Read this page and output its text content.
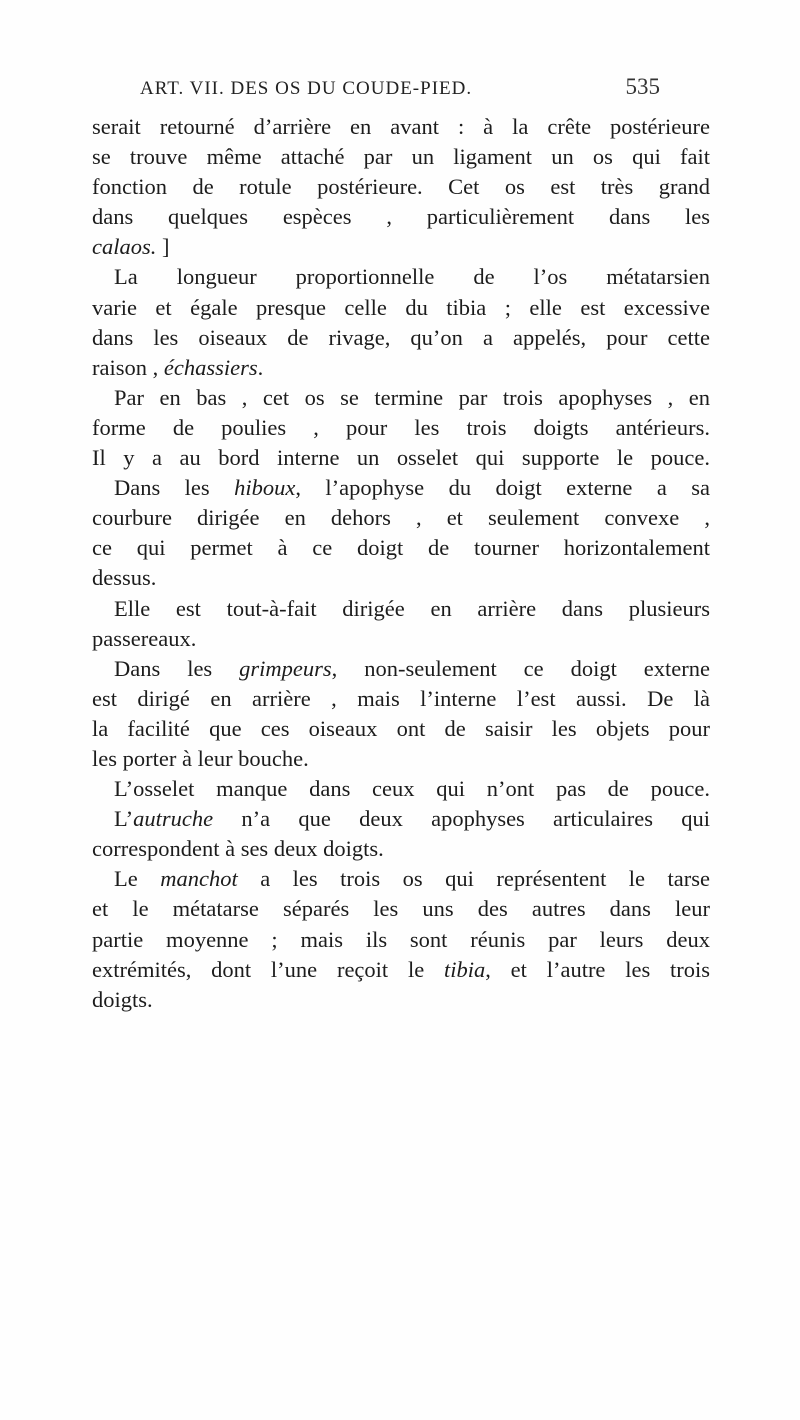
ART. VII. DES OS DU COUDE-PIED.	535
serait retourné d’arrière en avant : à la crête postérieure
se trouve même attaché par un ligament un os qui fait
fonction de rotule postérieure. Cet os est très grand
dans quelques espèces , particulièrement dans les
calaos. ]
La longueur proportionnelle de l’os métatarsien
varie et égale presque celle du tibia ; elle est excessive
dans les oiseaux de rivage, qu’on a appelés, pour cette
raison , échassiers.
Par en bas , cet os se termine par trois apophyses , en
forme de poulies , pour les trois doigts antérieurs.
Il y a au bord interne un osselet qui supporte le pouce.
Dans les hiboux, l’apophyse du doigt externe a sa
courbure dirigée en dehors , et seulement convexe ,
ce qui permet à ce doigt de tourner horizontalement
dessus.
Elle est tout-à-fait dirigée en arrière dans plusieurs
passereaux.
Dans les grimpeurs, non-seulement ce doigt externe
est dirigé en arrière , mais l’interne l’est aussi. De là
la facilité que ces oiseaux ont de saisir les objets pour
les porter à leur bouche.
L’osselet manque dans ceux qui n’ont pas de pouce.
L’autruche n’a que deux apophyses articulaires qui
correspondent à ses deux doigts.
Le manchot a les trois os qui représentent le tarse
et le métatarse séparés les uns des autres dans leur
partie moyenne ; mais ils sont réunis par leurs deux
extrémités, dont l’une reçoit le tibia, et l’autre les trois
doigts.
